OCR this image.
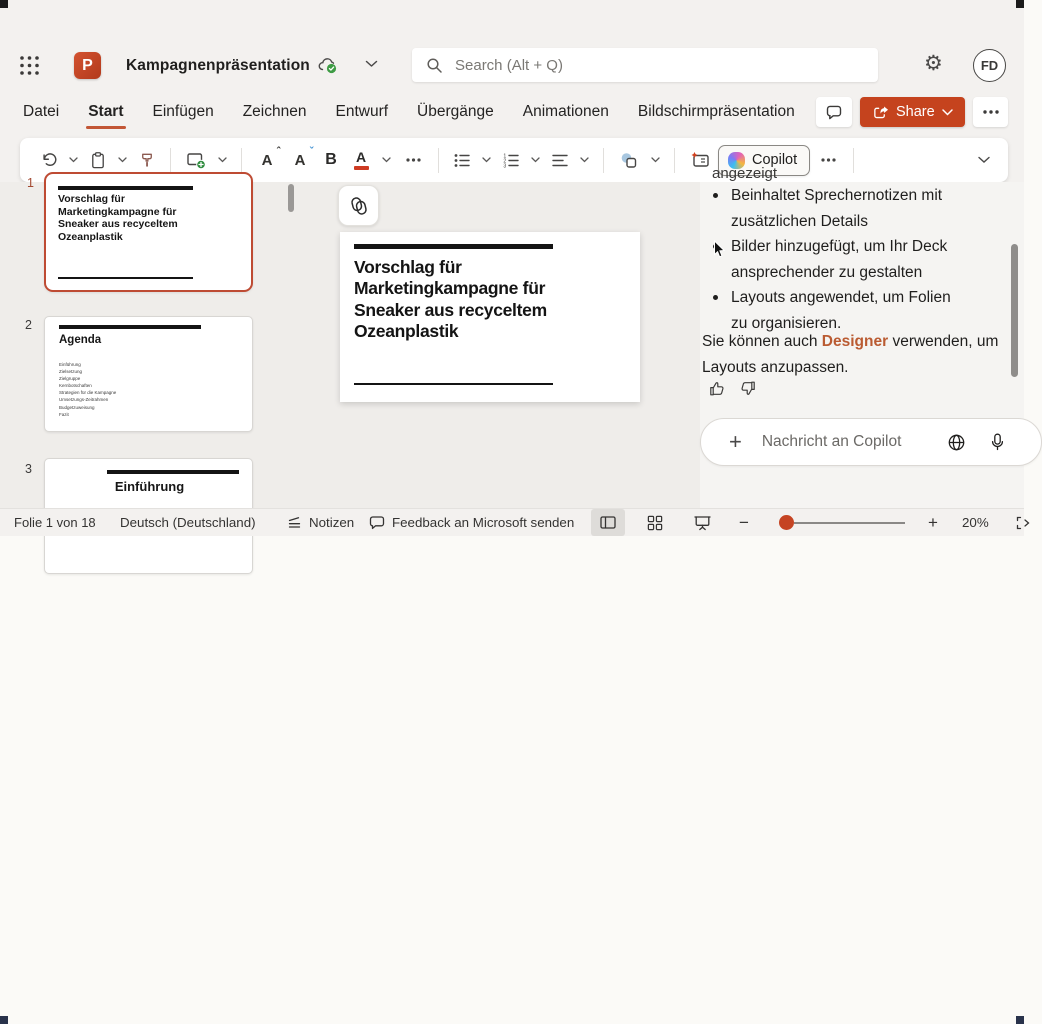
P	Kampagnenpräsentation
Search (Alt + Q)	⚙	FD
Datei Start Einfügen Zeichnen Entwurf Übergänge Animationen Bildschirmpräsentation	Share
A ˆ A ˇ B A	1
2
3	Copilot
1
Vorschlag für Marketingkampagne für Sneaker aus recyceltem Ozeanplastik
2
Agenda
Einführung
Zielsetzung
Zielgruppe
Kernbotschaften
Strategien für die Kampagne
Umsetzungs-Zeitrahmen
Budgetzuweisung
Fazit
3
Einführung
Vorschlag für Marketingkampagne für Sneaker aus recyceltem Ozeanplastik
angezeigt
Beinhaltet Sprechernotizen mit zusätzlichen Details
Bilder hinzugefügt, um Ihr Deck ansprechender zu gestalten
Layouts angewendet, um Folien zu organisieren.

Sie können auch Designer verwenden, um Layouts anzupassen.

+
Nachricht an Copilot
Folie 1 von 18 Deutsch (Deutschland)	Notizen	Feedback an Microsoft senden	−	+ 20%
